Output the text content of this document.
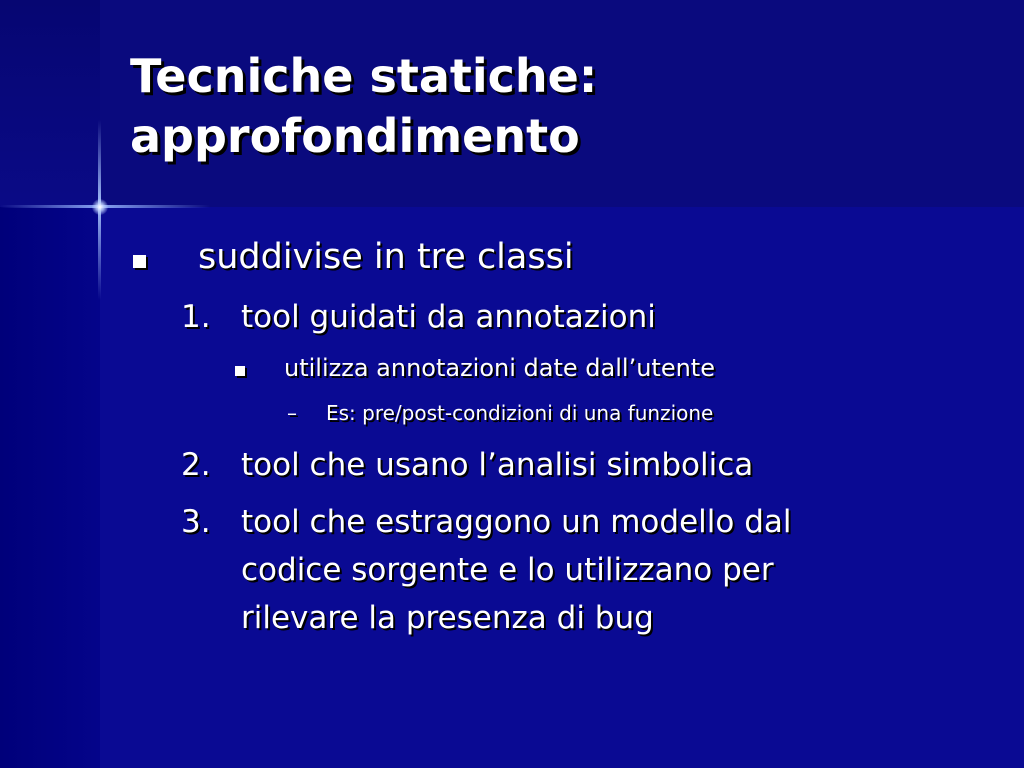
Tecniche statiche:
approfondimento
suddivise in tre classi
1. tool guidati da annotazioni
utilizza annotazioni date dall’utente
– Es: pre/post-condizioni di una funzione
2. tool che usano l’analisi simbolica
3. tool che estraggono un modello dal
codice sorgente e lo utilizzano per
rilevare la presenza di bug
